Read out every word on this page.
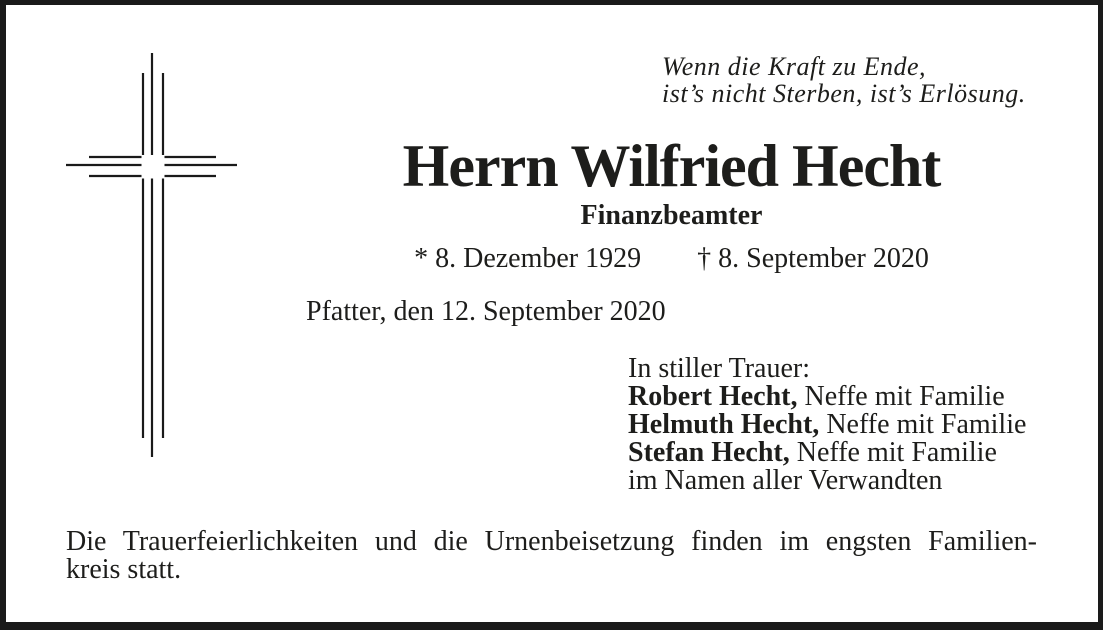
Wenn die Kraft zu Ende,
ist’s nicht Sterben, ist’s Erlösung.
Herrn Wilfried Hecht
Finanzbeamter
* 8. Dezember 1929 † 8. September 2020
Pfatter, den 12. September 2020
In stiller Trauer:
Robert Hecht, Neffe mit Familie
Helmuth Hecht, Neffe mit Familie
Stefan Hecht, Neffe mit Familie
im Namen aller Verwandten
Die Trauerfeierlichkeiten und die Urnenbeisetzung finden im engsten Familien-
kreis statt.
